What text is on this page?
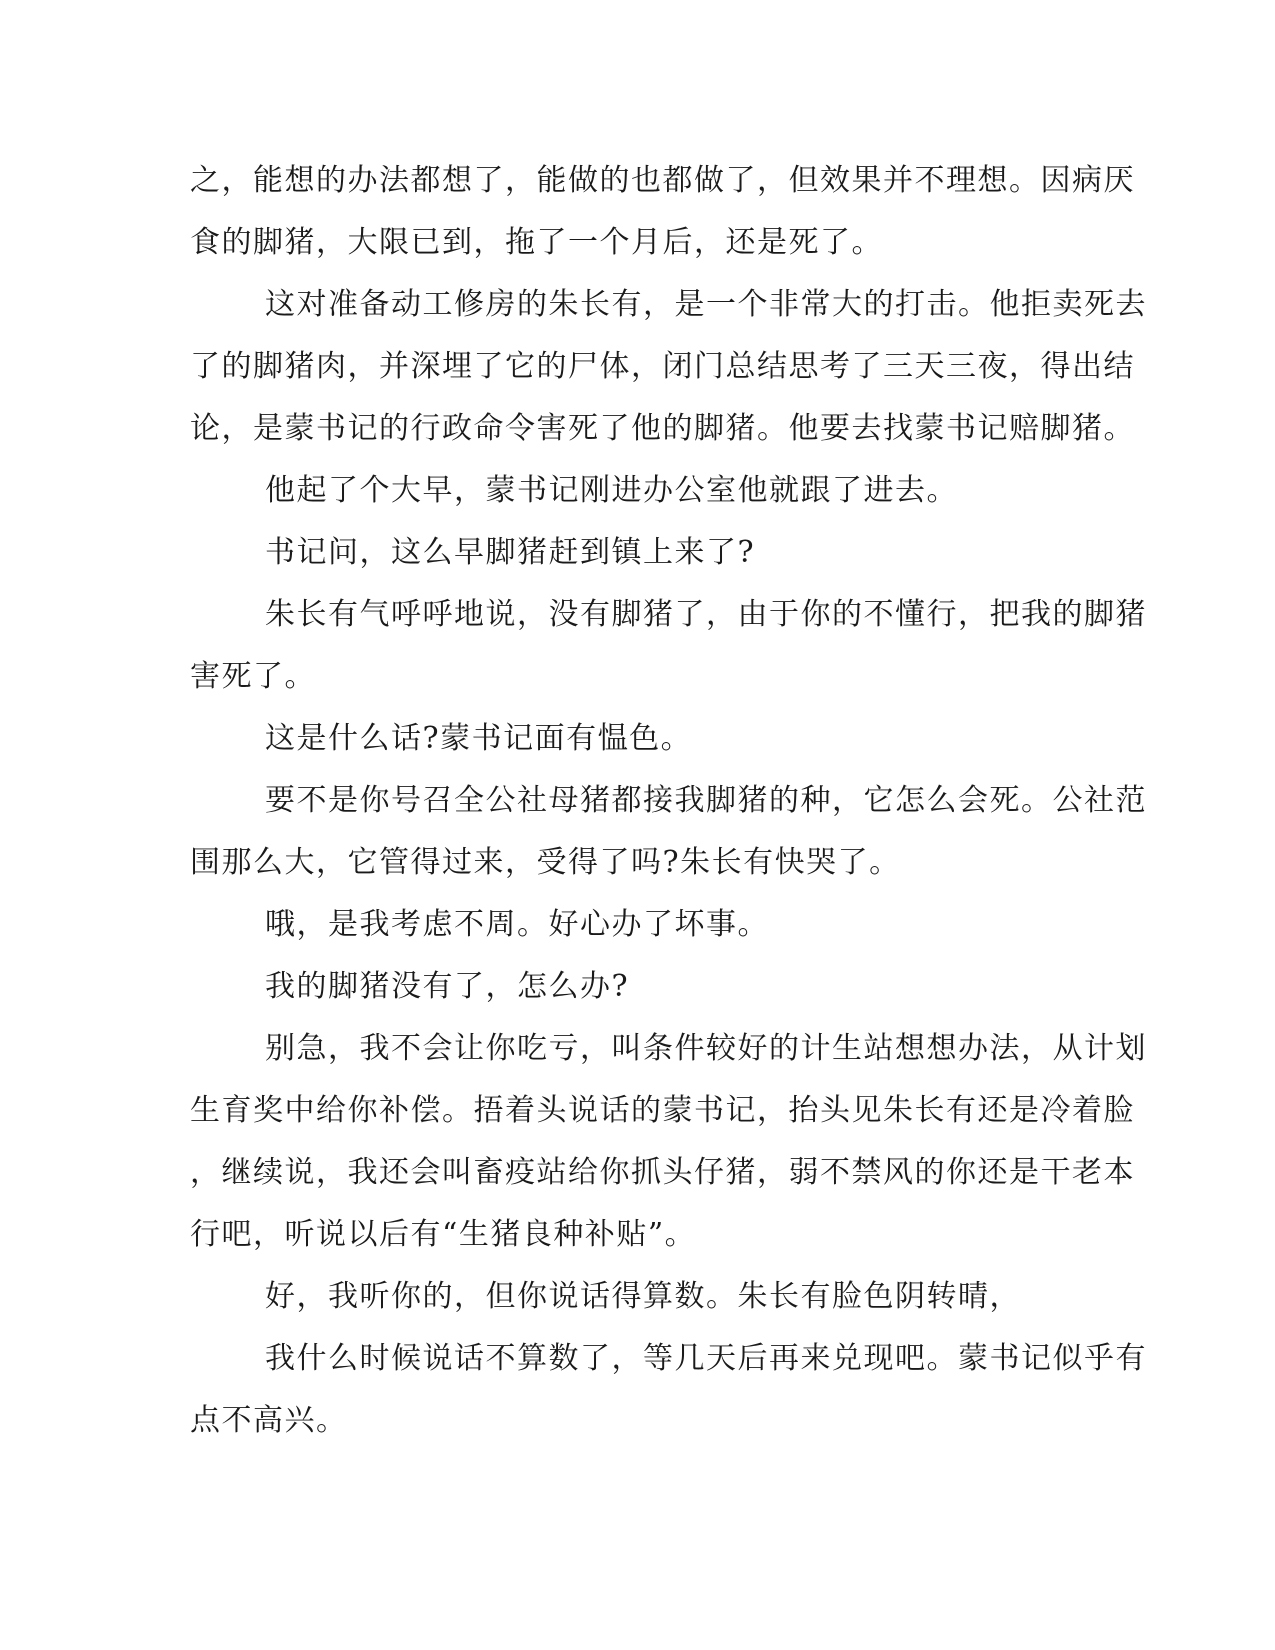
之，能想的办法都想了，能做的也都做了，但效果并不理想。因病厌
食的脚猪，大限已到，拖了一个月后，还是死了。
这对准备动工修房的朱长有，是一个非常大的打击。他拒卖死去
了的脚猪肉，并深埋了它的尸体，闭门总结思考了三天三夜，得出结
论，是蒙书记的行政命令害死了他的脚猪。他要去找蒙书记赔脚猪。
他起了个大早，蒙书记刚进办公室他就跟了进去。
书记问，这么早脚猪赶到镇上来了?
朱长有气呼呼地说，没有脚猪了，由于你的不懂行，把我的脚猪
害死了。
这是什么话?蒙书记面有愠色。
要不是你号召全公社母猪都接我脚猪的种，它怎么会死。公社范
围那么大，它管得过来，受得了吗?朱长有快哭了。
哦，是我考虑不周。好心办了坏事。
我的脚猪没有了，怎么办?
别急，我不会让你吃亏，叫条件较好的计生站想想办法，从计划
生育奖中给你补偿。捂着头说话的蒙书记，抬头见朱长有还是冷着脸
，继续说，我还会叫畜疫站给你抓头仔猪，弱不禁风的你还是干老本
行吧，听说以后有“生猪良种补贴”。
好，我听你的，但你说话得算数。朱长有脸色阴转晴，
我什么时候说话不算数了，等几天后再来兑现吧。蒙书记似乎有
点不高兴。
